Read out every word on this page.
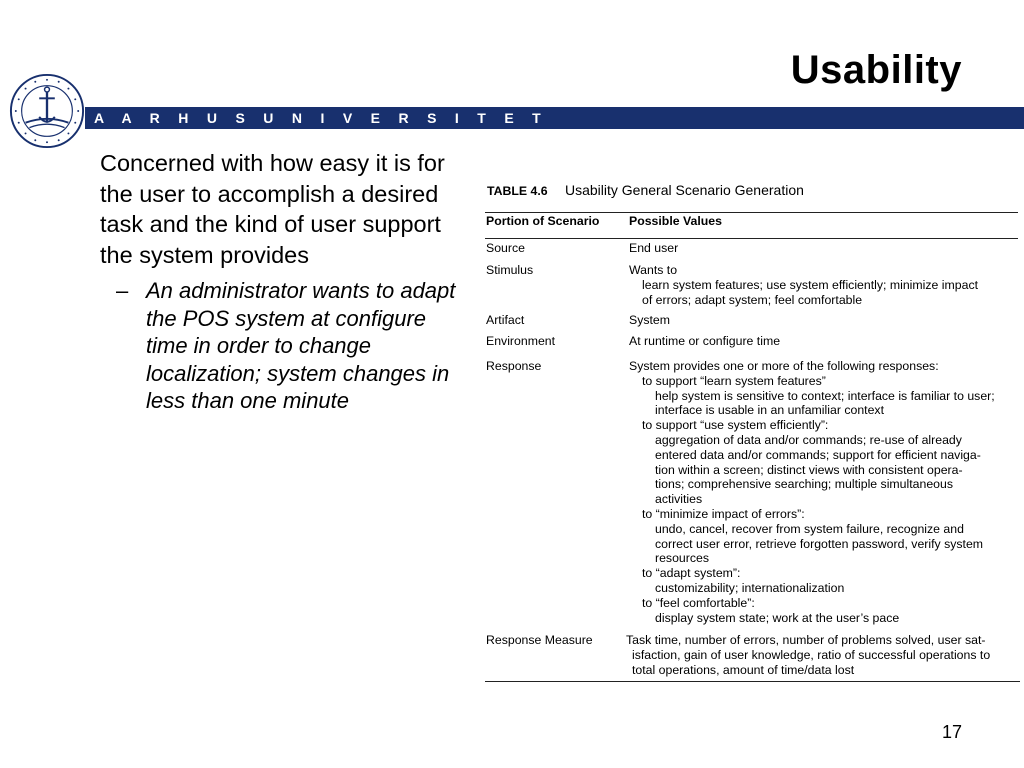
Usability
A A R H U S U N I V E R S I T E T
Concerned with how easy it is for the user to accomplish a desired task and the kind of user support the system provides
– An administrator wants to adapt the POS system at configure time in order to change localization; system changes in less than one minute
TABLE 4.6 Usability General Scenario Generation
Portion of Scenario	Possible Values
Source	End user
Stimulus	Wants to
learn system features; use system efficiently; minimize impact
of errors; adapt system; feel comfortable
Artifact	System
Environment	At runtime or configure time
Response	System provides one or more of the following responses:
to support “learn system features”
help system is sensitive to context; interface is familiar to user;
interface is usable in an unfamiliar context
to support “use system efficiently”:
aggregation of data and/or commands; re-use of already
entered data and/or commands; support for efficient naviga-
tion within a screen; distinct views with consistent opera-
tions; comprehensive searching; multiple simultaneous
activities
to “minimize impact of errors”:
undo, cancel, recover from system failure, recognize and
correct user error, retrieve forgotten password, verify system
resources
to “adapt system”:
customizability; internationalization
to “feel comfortable”:
display system state; work at the user’s pace
Response Measure	Task time, number of errors, number of problems solved, user sat-
isfaction, gain of user knowledge, ratio of successful operations to
total operations, amount of time/data lost
17
